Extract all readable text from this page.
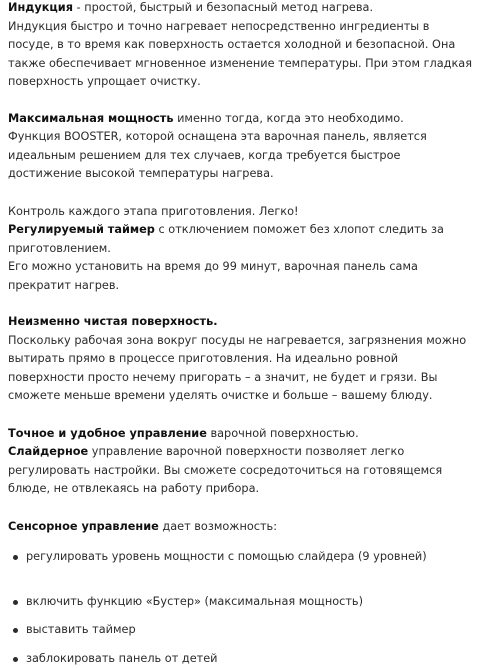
Индукция - простой, быстрый и безопасный метод нагрева.

Индукция быстро и точно нагревает непосредственно ингредиенты в посуде, в то время как поверхность остается холодной и безопасной. Она также обеспечивает мгновенное изменение температуры. При этом гладкая поверхность упрощает очистку.

Максимальная мощность именно тогда, когда это необходимо.

Функция BOOSTER, которой оснащена эта варочная панель, является идеальным решением для тех случаев, когда требуется быстрое достижение высокой температуры нагрева.

Контроль каждого этапа приготовления. Легко!

Регулируемый таймер с отключением поможет без хлопот следить за приготовлением.

Его можно установить на время до 99 минут, варочная панель сама прекратит нагрев.

Неизменно чистая поверхность.

Поскольку рабочая зона вокруг посуды не нагревается, загрязнения можно вытирать прямо в процессе приготовления. На идеально ровной поверхности просто нечему пригорать – а значит, не будет и грязи. Вы сможете меньше времени уделять очистке и больше – вашему блюду.

Точное и удобное управление варочной поверхностью.

Слайдерное управление варочной поверхности позволяет легко регулировать настройки. Вы сможете сосредоточиться на готовящемся блюде, не отвлекаясь на работу прибора.

Сенсорное управление дает возможность:

регулировать уровень мощности с помощью слайдера (9 уровней)
включить функцию «Бустер» (максимальная мощность)
выставить таймер
заблокировать панель от детей
